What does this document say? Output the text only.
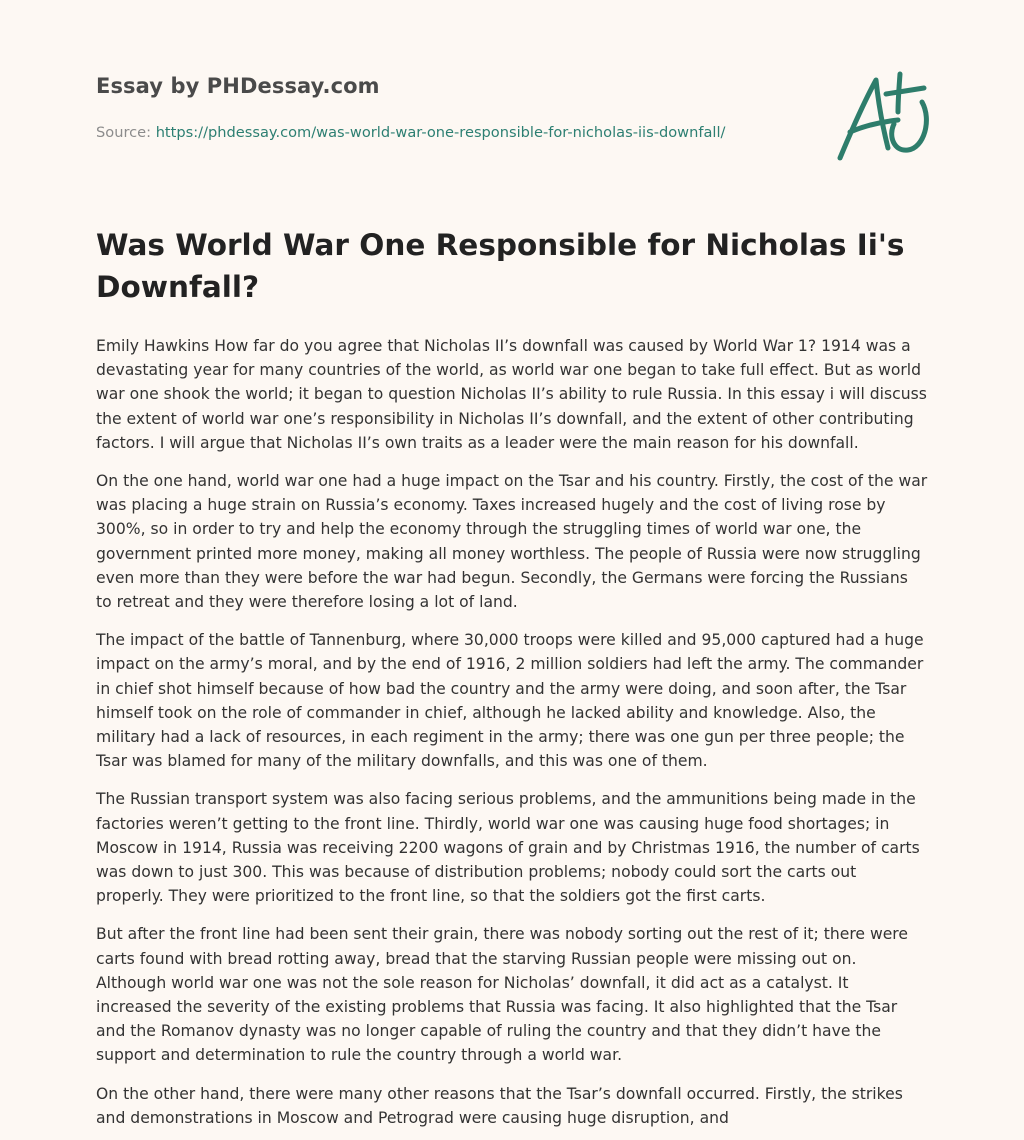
Essay by PHDessay.com
Source: https://phdessay.com/was-world-war-one-responsible-for-nicholas-iis-downfall/
Was World War One Responsible for Nicholas Ii's Downfall?

Emily Hawkins How far do you agree that Nicholas II’s downfall was caused by World War 1? 1914 was a devastating year for many countries of the world, as world war one began to take full effect. But as world war one shook the world; it began to question Nicholas II’s ability to rule Russia. In this essay i will discuss the extent of world war one’s responsibility in Nicholas II’s downfall, and the extent of other contributing factors. I will argue that Nicholas II’s own traits as a leader were the main reason for his downfall.

On the one hand, world war one had a huge impact on the Tsar and his country. Firstly, the cost of the war was placing a huge strain on Russia’s economy. Taxes increased hugely and the cost of living rose by 300%, so in order to try and help the economy through the struggling times of world war one, the government printed more money, making all money worthless. The people of Russia were now struggling even more than they were before the war had begun. Secondly, the Germans were forcing the Russians to retreat and they were therefore losing a lot of land.

The impact of the battle of Tannenburg, where 30,000 troops were killed and 95,000 captured had a huge impact on the army’s moral, and by the end of 1916, 2 million soldiers had left the army. The commander in chief shot himself because of how bad the country and the army were doing, and soon after, the Tsar himself took on the role of commander in chief, although he lacked ability and knowledge. Also, the military had a lack of resources, in each regiment in the army; there was one gun per three people; the Tsar was blamed for many of the military downfalls, and this was one of them.

The Russian transport system was also facing serious problems, and the ammunitions being made in the factories weren’t getting to the front line. Thirdly, world war one was causing huge food shortages; in Moscow in 1914, Russia was receiving 2200 wagons of grain and by Christmas 1916, the number of carts was down to just 300. This was because of distribution problems; nobody could sort the carts out properly. They were prioritized to the front line, so that the soldiers got the first carts.

But after the front line had been sent their grain, there was nobody sorting out the rest of it; there were carts found with bread rotting away, bread that the starving Russian people were missing out on. Although world war one was not the sole reason for Nicholas’ downfall, it did act as a catalyst. It increased the severity of the existing problems that Russia was facing. It also highlighted that the Tsar and the Romanov dynasty was no longer capable of ruling the country and that they didn’t have the support and determination to rule the country through a world war.

On the other hand, there were many other reasons that the Tsar’s downfall occurred. Firstly, the strikes and demonstrations in Moscow and Petrograd were causing huge disruption, and
